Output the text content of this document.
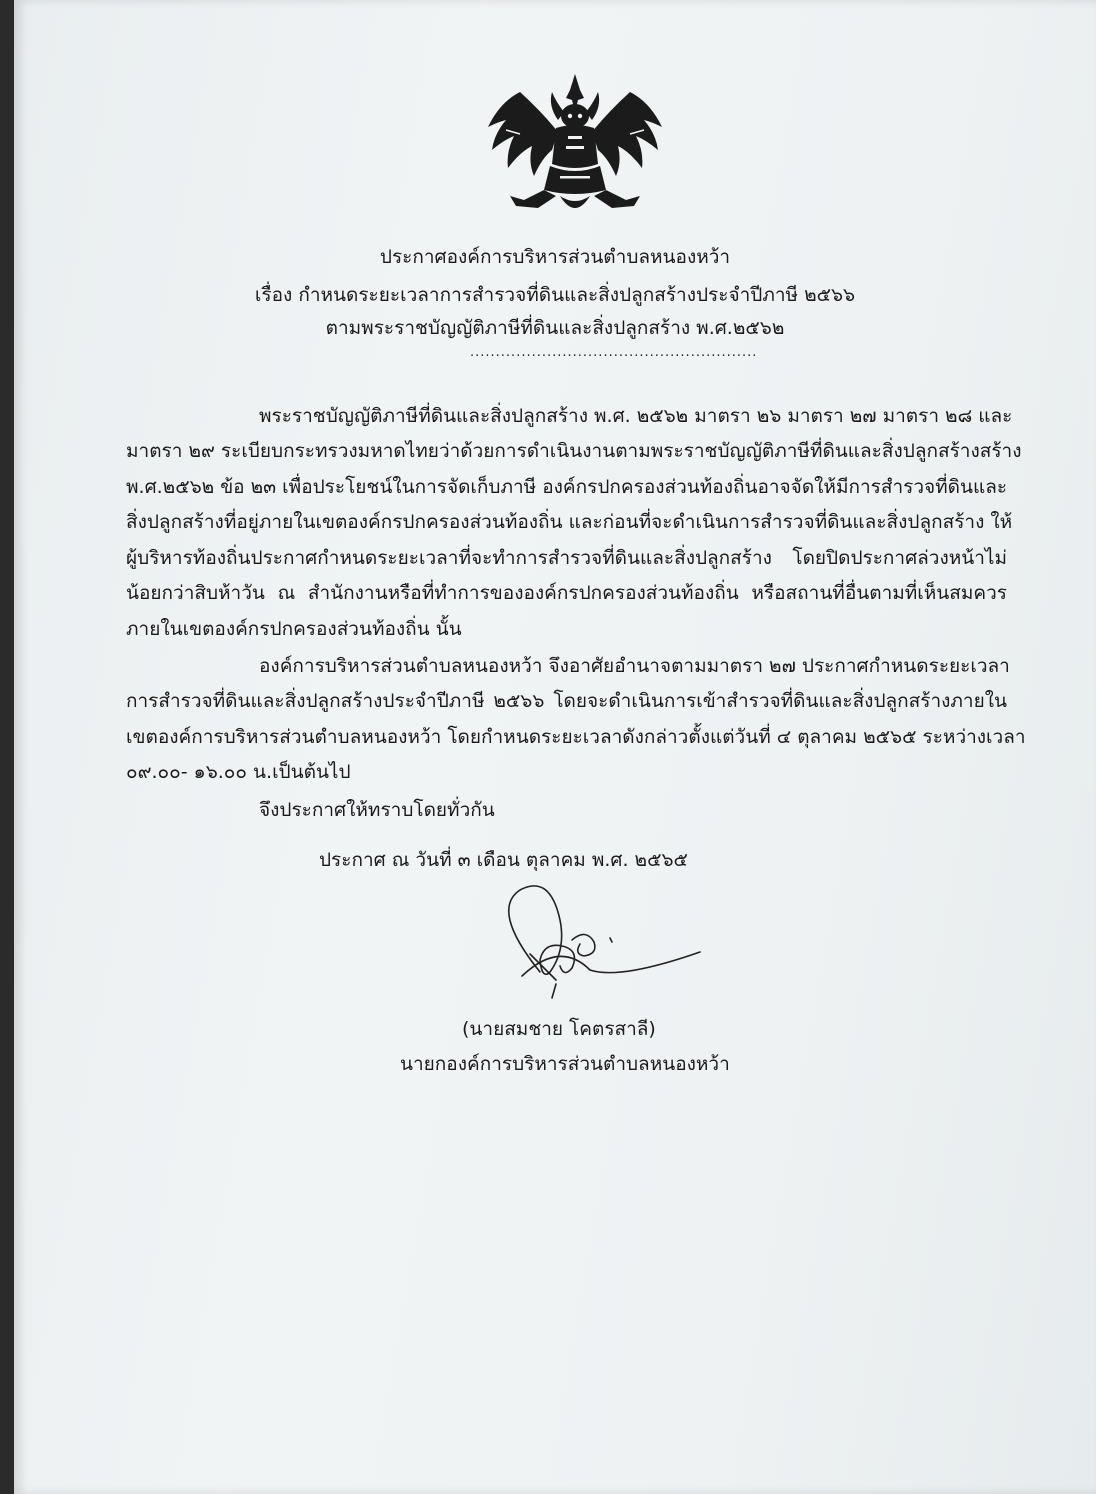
ประกาศองค์การบริหารส่วนตำบลหนองหว้า
เรื่อง กำหนดระยะเวลาการสำรวจที่ดินและสิ่งปลูกสร้างประจำปีภาษี ๒๕๖๖
ตามพระราชบัญญัติภาษีที่ดินและสิ่งปลูกสร้าง พ.ศ.๒๕๖๒
........................................................
พระราชบัญญัติภาษีที่ดินและสิ่งปลูกสร้าง พ.ศ. ๒๕๖๒ มาตรา ๒๖ มาตรา ๒๗ มาตรา ๒๘ และ
มาตรา ๒๙ ระเบียบกระทรวงมหาดไทยว่าด้วยการดำเนินงานตามพระราชบัญญัติภาษีที่ดินและสิ่งปลูกสร้างสร้าง
พ.ศ.๒๕๖๒ ข้อ ๒๓ เพื่อประโยชน์ในการจัดเก็บภาษี องค์กรปกครองส่วนท้องถิ่นอาจจัดให้มีการสำรวจที่ดินและ
สิ่งปลูกสร้างที่อยู่ภายในเขตองค์กรปกครองส่วนท้องถิ่น และก่อนที่จะดำเนินการสำรวจที่ดินและสิ่งปลูกสร้าง ให้
ผู้บริหารท้องถิ่นประกาศกำหนดระยะเวลาที่จะทำการสำรวจที่ดินและสิ่งปลูกสร้าง โดยปิดประกาศล่วงหน้าไม่
น้อยกว่าสิบห้าวัน ณ สำนักงานหรือที่ทำการขององค์กรปกครองส่วนท้องถิ่น หรือสถานที่อื่นตามที่เห็นสมควร
ภายในเขตองค์กรปกครองส่วนท้องถิ่น นั้น
องค์การบริหารส่วนตำบลหนองหว้า จึงอาศัยอำนาจตามมาตรา ๒๗ ประกาศกำหนดระยะเวลา
การสำรวจที่ดินและสิ่งปลูกสร้างประจำปีภาษี ๒๕๖๖ โดยจะดำเนินการเข้าสำรวจที่ดินและสิ่งปลูกสร้างภายใน
เขตองค์การบริหารส่วนตำบลหนองหว้า โดยกำหนดระยะเวลาดังกล่าวตั้งแต่วันที่ ๔ ตุลาคม ๒๕๖๕ ระหว่างเวลา
๐๙.๐๐- ๑๖.๐๐ น.เป็นต้นไป
จึงประกาศให้ทราบโดยทั่วกัน
ประกาศ ณ วันที่ ๓ เดือน ตุลาคม พ.ศ. ๒๕๖๕
(นายสมชาย โคตรสาลี)
นายกองค์การบริหารส่วนตำบลหนองหว้า
